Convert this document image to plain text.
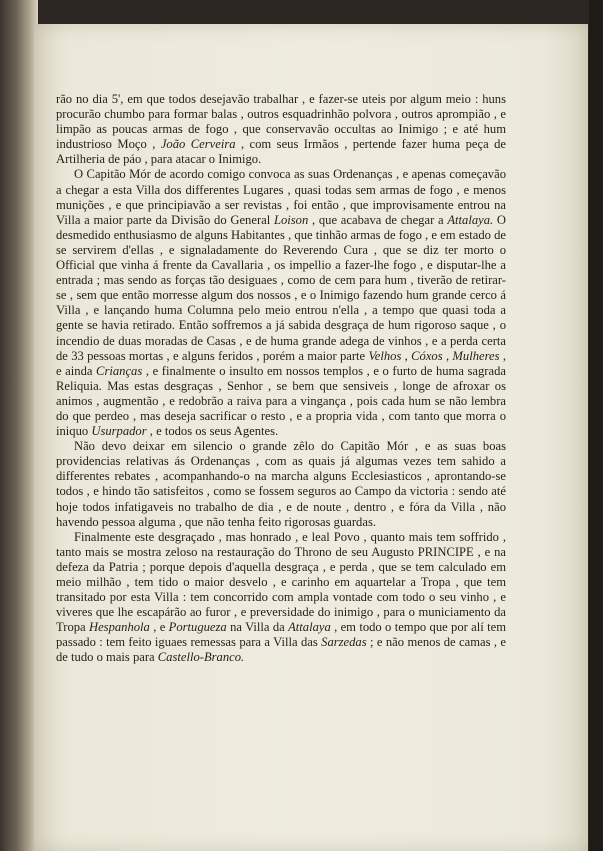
rão no dia 5', em que todos desejavão trabalhar , e fazer-se uteis por algum meio : huns procurão chumbo para formar balas , outros esquadrinhão polvora , outros aprompião , e limpão as poucas armas de fogo , que conservavão occultas ao Inimigo ; e até hum industrioso Moço , João Cerveira , com seus Irmãos , pertende fazer huma peça de Artilheria de páo , para atacar o Inimigo.

O Capitão Mór de acordo comigo convoca as suas Ordenanças , e apenas começavão a chegar a esta Villa dos differentes Lugares , quasi todas sem armas de fogo , e menos munições , e que principiavão a ser revistas , foi então , que improvisamente entrou na Villa a maior parte da Divisão do General Loison , que acabava de chegar a Attalaya. O desmedido enthusiasmo de alguns Habitantes , que tinhão armas de fogo , e em estado de se servirem d'ellas , e signaladamente do Reverendo Cura , que se diz ter morto o Official que vinha á frente da Cavallaria , os impellio a fazer-lhe fogo , e disputar-lhe a entrada ; mas sendo as forças tão desiguaes , como de cem para hum , tiverão de retirar-se , sem que então morresse algum dos nossos , e o Inimigo fazendo hum grande cerco á Villa , e lançando huma Columna pelo meio entrou n'ella , a tempo que quasi toda a gente se havia retirado. Então soffremos a já sabida desgraça de hum rigoroso saque , o incendio de duas moradas de Casas , e de huma grande adega de vinhos , e a perda certa de 33 pessoas mortas , e alguns feridos , porém a maior parte Velhos , Cóxos , Mulheres , e ainda Crianças , e finalmente o insulto em nossos templos , e o furto de huma sagrada Reliquia. Mas estas desgraças , Senhor , se bem que sensiveis , longe de afroxar os animos , augmentão , e redobrão a raiva para a vingança , pois cada hum se não lembra do que perdeo , mas deseja sacrificar o resto , e a propria vida , com tanto que morra o iniquo Usurpador , e todos os seus Agentes.

Não devo deixar em silencio o grande zêlo do Capitão Mór , e as suas boas providencias relativas ás Ordenanças , com as quais já algumas vezes tem sahido a differentes rebates , acompanhando-o na marcha alguns Ecclesiasticos , aprontando-se todos , e hindo tão satisfeitos , como se fossem seguros ao Campo da victoria : sendo até hoje todos infatigaveis no trabalho de dia , e de noute , dentro , e fóra da Villa , não havendo pessoa alguma , que não tenha feito rigorosas guardas.

Finalmente este desgraçado , mas honrado , e leal Povo , quanto mais tem soffrido , tanto mais se mostra zeloso na restauração do Throno de seu Augusto PRINCIPE , e na defeza da Patria ; porque depois d'aquella desgraça , e perda , que se tem calculado em meio milhão , tem tido o maior desvelo , e carinho em aquartelar a Tropa , que tem transitado por esta Villa : tem concorrido com ampla vontade com todo o seu vinho , e viveres que lhe escapárão ao furor , e preversidade do inimigo , para o municiamento da Tropa Hespanhola , e Portugueza na Villa da Attalaya , em todo o tempo que por alí tem passado : tem feito iguaes remessas para a Villa das Sarzedas ; e não menos de camas , e de tudo o mais para Castello-Branco.
